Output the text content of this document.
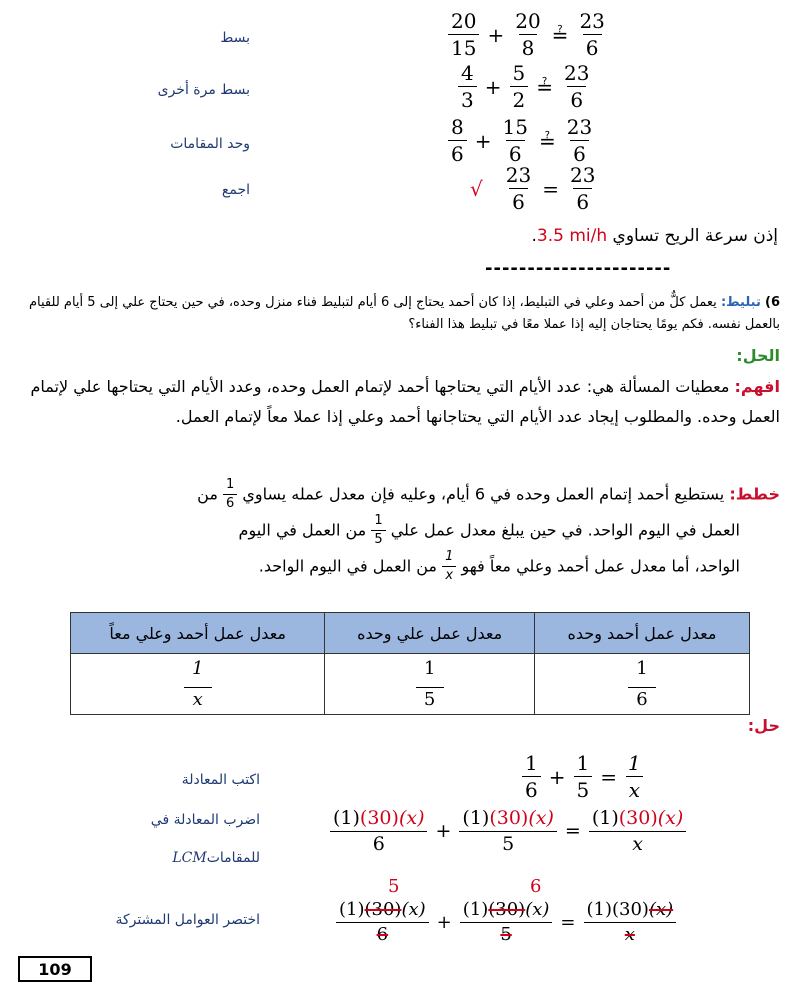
بسط	$\frac{20}{15} + \frac{20}{8}$ ≟ $\frac{23}{6}$
بسط مرة أخرى	$\frac{4}{3} + \frac{5}{2}$ ≟ $\frac{23}{6}$
وحد المقامات	$\frac{8}{6} + \frac{15}{6}$ ≟ $\frac{23}{6}$
اجمع	√ $\frac{23}{6} = \frac{23}{6}$
إذن سرعة الريح تساوي 3.5 mi/h.
----------------------
6) تبليط: يعمل كلٌّ من أحمد وعلي في التبليط، إذا كان أحمد يحتاج إلى 6 أيام لتبليط فناء منزل وحده، في حين يحتاج علي إلى 5 أيام للقيام بالعمل نفسه. فكم يومًا يحتاجان إليه إذا عملا معًا في تبليط هذا الفناء؟
الحل:
افهم: معطيات المسألة هي: عدد الأيام التي يحتاجها أحمد لإتمام العمل وحده، وعدد الأيام التي يحتاجها علي لإتمام العمل وحده. والمطلوب إيجاد عدد الأيام التي يحتاجانها أحمد وعلي إذا عملا معاً لإتمام العمل.
خطط: يستطيع أحمد إتمام العمل وحده في 6 أيام، وعليه فإن معدل عمله يساوي
$\frac{1}{6}$
من
العمل في اليوم الواحد. في حين يبلغ معدل عمل علي
$\frac{1}{5}$
من العمل في اليوم
الواحد، أما معدل عمل أحمد وعلي معاً فهو
$\frac{1}{x}$
من العمل في اليوم الواحد.
معدل عمل أحمد وحده	معدل عمل علي وحده	معدل عمل أحمد وعلي معاً

$\frac{1}{6}$	$\frac{1}{5}$	$\frac{1}{x}$
حل:
اكتب المعادلة	$\frac{1}{6} + \frac{1}{5} = \frac{1}{x}$
اضرب المعادلة في
للمقاماتLCM
$\frac{(1)(30)(x)}{6} + \frac{(1)(30)(x)}{5} = \frac{(1)(30)(x)}{x}$
5	6
اختصر العوامل المشتركة	$\frac{(1)(30)(x)}{6} + \frac{(1)(30)(x)}{5} = \frac{(1)(30)(x)}{x}$
109
